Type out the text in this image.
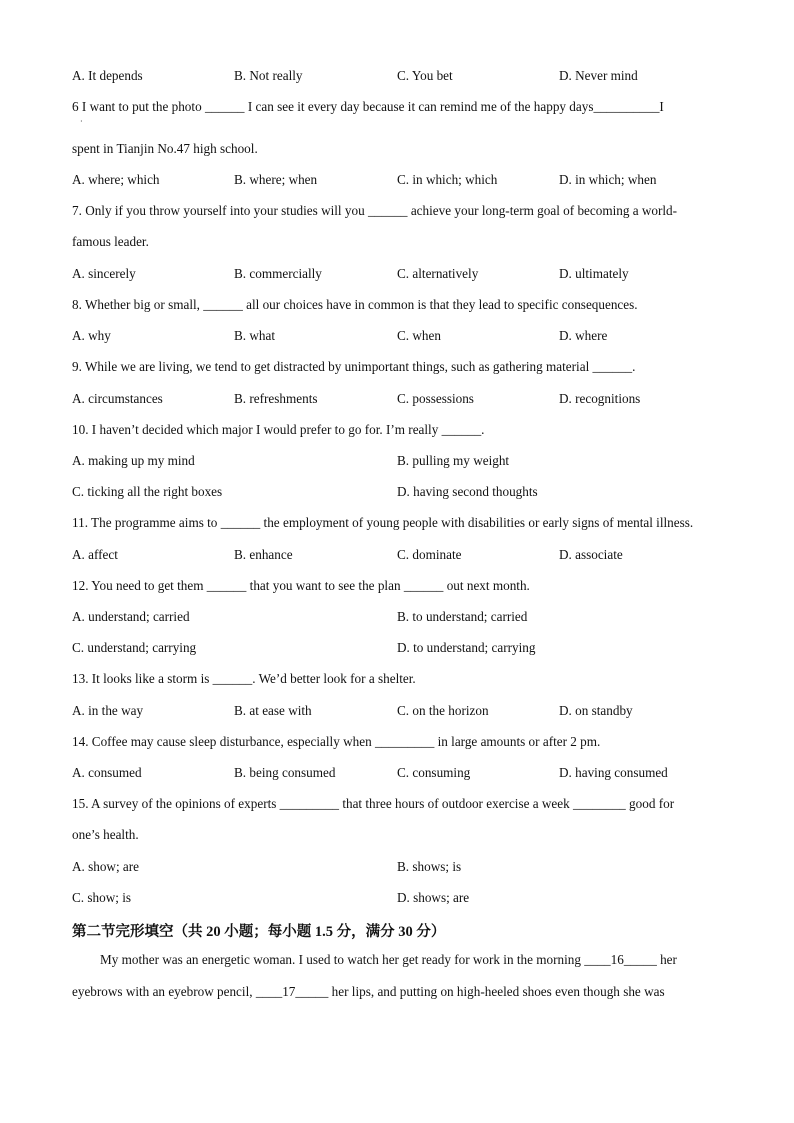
A. It depends	B. Not really	C. You bet	D. Never mind
6 I want to put the photo ______ I can see it every day because it can remind me of the happy days__________I
·
spent in Tianjin No.47 high school.
A. where; which	B. where; when	C. in which; which	D. in which; when
7. Only if you throw yourself into your studies will you ______ achieve your long-term goal of becoming a world-
famous leader.
A. sincerely	B. commercially	C. alternatively	D. ultimately
8. Whether big or small, ______ all our choices have in common is that they lead to specific consequences.
A. why	B. what	C. when	D. where
9. While we are living, we tend to get distracted by unimportant things, such as gathering material ______.
A. circumstances	B. refreshments	C. possessions	D. recognitions
10. I haven’t decided which major I would prefer to go for. I’m really ______.
A. making up my mind	B. pulling my weight
C. ticking all the right boxes	D. having second thoughts
11. The programme aims to ______ the employment of young people with disabilities or early signs of mental illness.
A. affect	B. enhance	C. dominate	D. associate
12. You need to get them ______ that you want to see the plan ______ out next month.
A. understand; carried	B. to understand; carried
C. understand; carrying	D. to understand; carrying
13. It looks like a storm is ______. We’d better look for a shelter.
A. in the way	B. at ease with	C. on the horizon	D. on standby
14. Coffee may cause sleep disturbance, especially when _________ in large amounts or after 2 pm.
A. consumed	B. being consumed	C. consuming	D. having consumed
15. A survey of the opinions of experts _________ that three hours of outdoor exercise a week ________ good for
one’s health.
A. show; are	B. shows; is
C. show; is	D. shows; are
第二节完形填空（共 20 小题；每小题 1.5 分，满分 30 分）
My mother was an energetic woman. I used to watch her get ready for work in the morning ____16_____ her
eyebrows with an eyebrow pencil, ____17_____ her lips, and putting on high-heeled shoes even though she was
